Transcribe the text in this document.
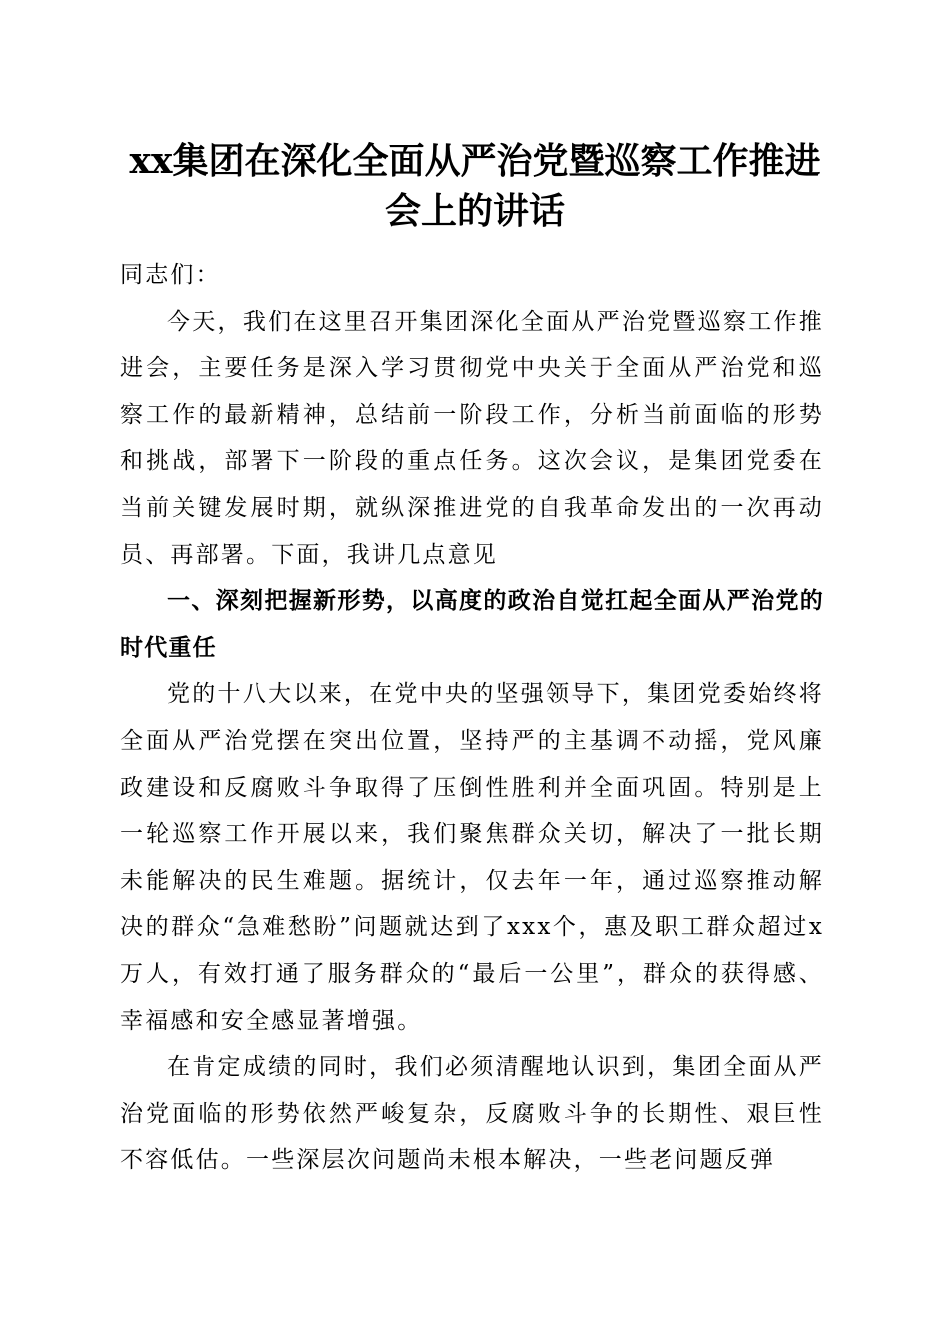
xx集团在深化全面从严治党暨巡察工作推进
会上的讲话

同志们：

今天，我们在这里召开集团深化全面从严治党暨巡察工作推进会，主要任务是深入学习贯彻党中央关于全面从严治党和巡察工作的最新精神，总结前一阶段工作，分析当前面临的形势和挑战，部署下一阶段的重点任务。这次会议，是集团党委在当前关键发展时期，就纵深推进党的自我革命发出的一次再动员、再部署。下面，我讲几点意见

一、深刻把握新形势，以高度的政治自觉扛起全面从严治党的时代重任

党的十八大以来，在党中央的坚强领导下，集团党委始终将全面从严治党摆在突出位置，坚持严的主基调不动摇，党风廉政建设和反腐败斗争取得了压倒性胜利并全面巩固。特别是上一轮巡察工作开展以来，我们聚焦群众关切，解决了一批长期未能解决的民生难题。据统计，仅去年一年，通过巡察推动解决的群众“急难愁盼”问题就达到了xxx个，惠及职工群众超过x万人，有效打通了服务群众的“最后一公里”，群众的获得感、幸福感和安全感显著增强。

在肯定成绩的同时，我们必须清醒地认识到，集团全面从严治党面临的形势依然严峻复杂，反腐败斗争的长期性、艰巨性不容低估。一些深层次问题尚未根本解决，一些老问题反弹
